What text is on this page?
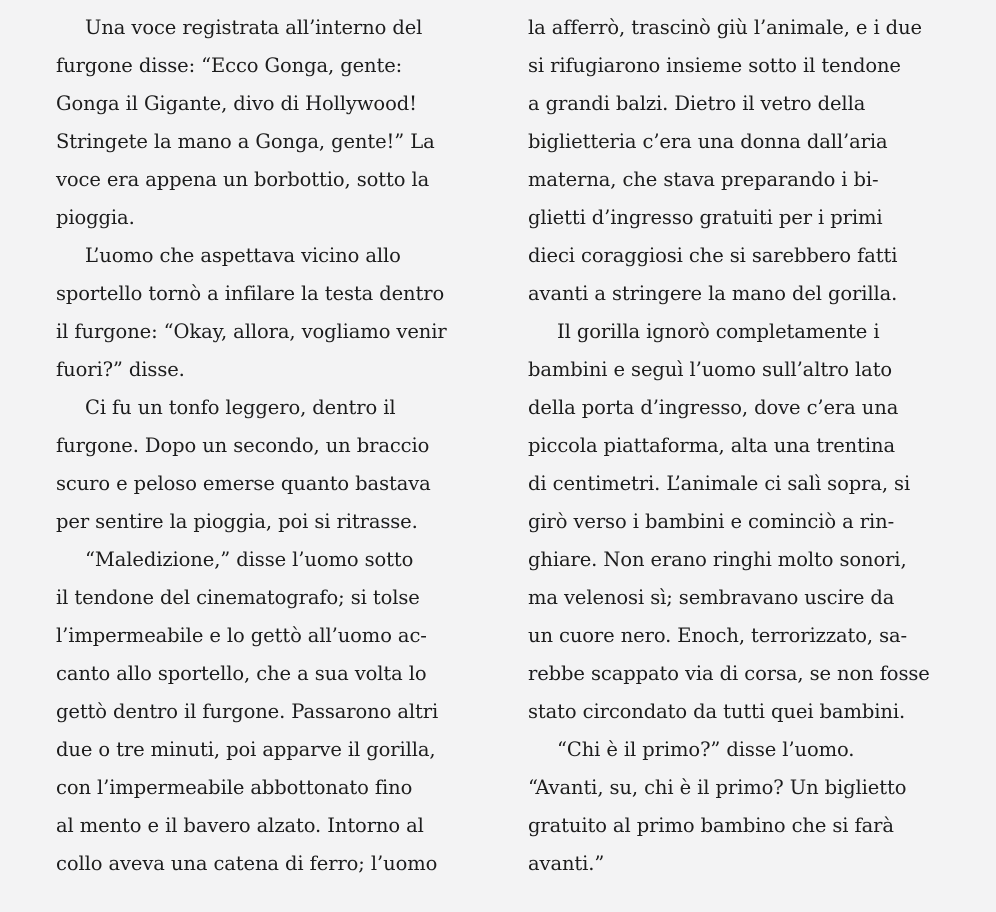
Una voce registrata all’interno del
furgone disse: “Ecco Gonga, gente:
Gonga il Gigante, divo di Hollywood!
Stringete la mano a Gonga, gente!” La
voce era appena un borbottio, sotto la
pioggia.
L’uomo che aspettava vicino allo
sportello tornò a infilare la testa dentro
il furgone: “Okay, allora, vogliamo venir
fuori?” disse.
Ci fu un tonfo leggero, dentro il
furgone. Dopo un secondo, un braccio
scuro e peloso emerse quanto bastava
per sentire la pioggia, poi si ritrasse.
“Maledizione,” disse l’uomo sotto
il tendone del cinematografo; si tolse
l’impermeabile e lo gettò all’uomo ac-
canto allo sportello, che a sua volta lo
gettò dentro il furgone. Passarono altri
due o tre minuti, poi apparve il gorilla,
con l’impermeabile abbottonato fino
al mento e il bavero alzato. Intorno al
collo aveva una catena di ferro; l’uomo
la afferrò, trascinò giù l’animale, e i due
si rifugiarono insieme sotto il tendone
a grandi balzi. Dietro il vetro della
biglietteria c’era una donna dall’aria
materna, che stava preparando i bi-
glietti d’ingresso gratuiti per i primi
dieci coraggiosi che si sarebbero fatti
avanti a stringere la mano del gorilla.
Il gorilla ignorò completamente i
bambini e seguì l’uomo sull’altro lato
della porta d’ingresso, dove c’era una
piccola piattaforma, alta una trentina
di centimetri. L’animale ci salì sopra, si
girò verso i bambini e cominciò a rin-
ghiare. Non erano ringhi molto sonori,
ma velenosi sì; sembravano uscire da
un cuore nero. Enoch, terrorizzato, sa-
rebbe scappato via di corsa, se non fosse
stato circondato da tutti quei bambini.
“Chi è il primo?” disse l’uomo.
“Avanti, su, chi è il primo? Un biglietto
gratuito al primo bambino che si farà
avanti.”
